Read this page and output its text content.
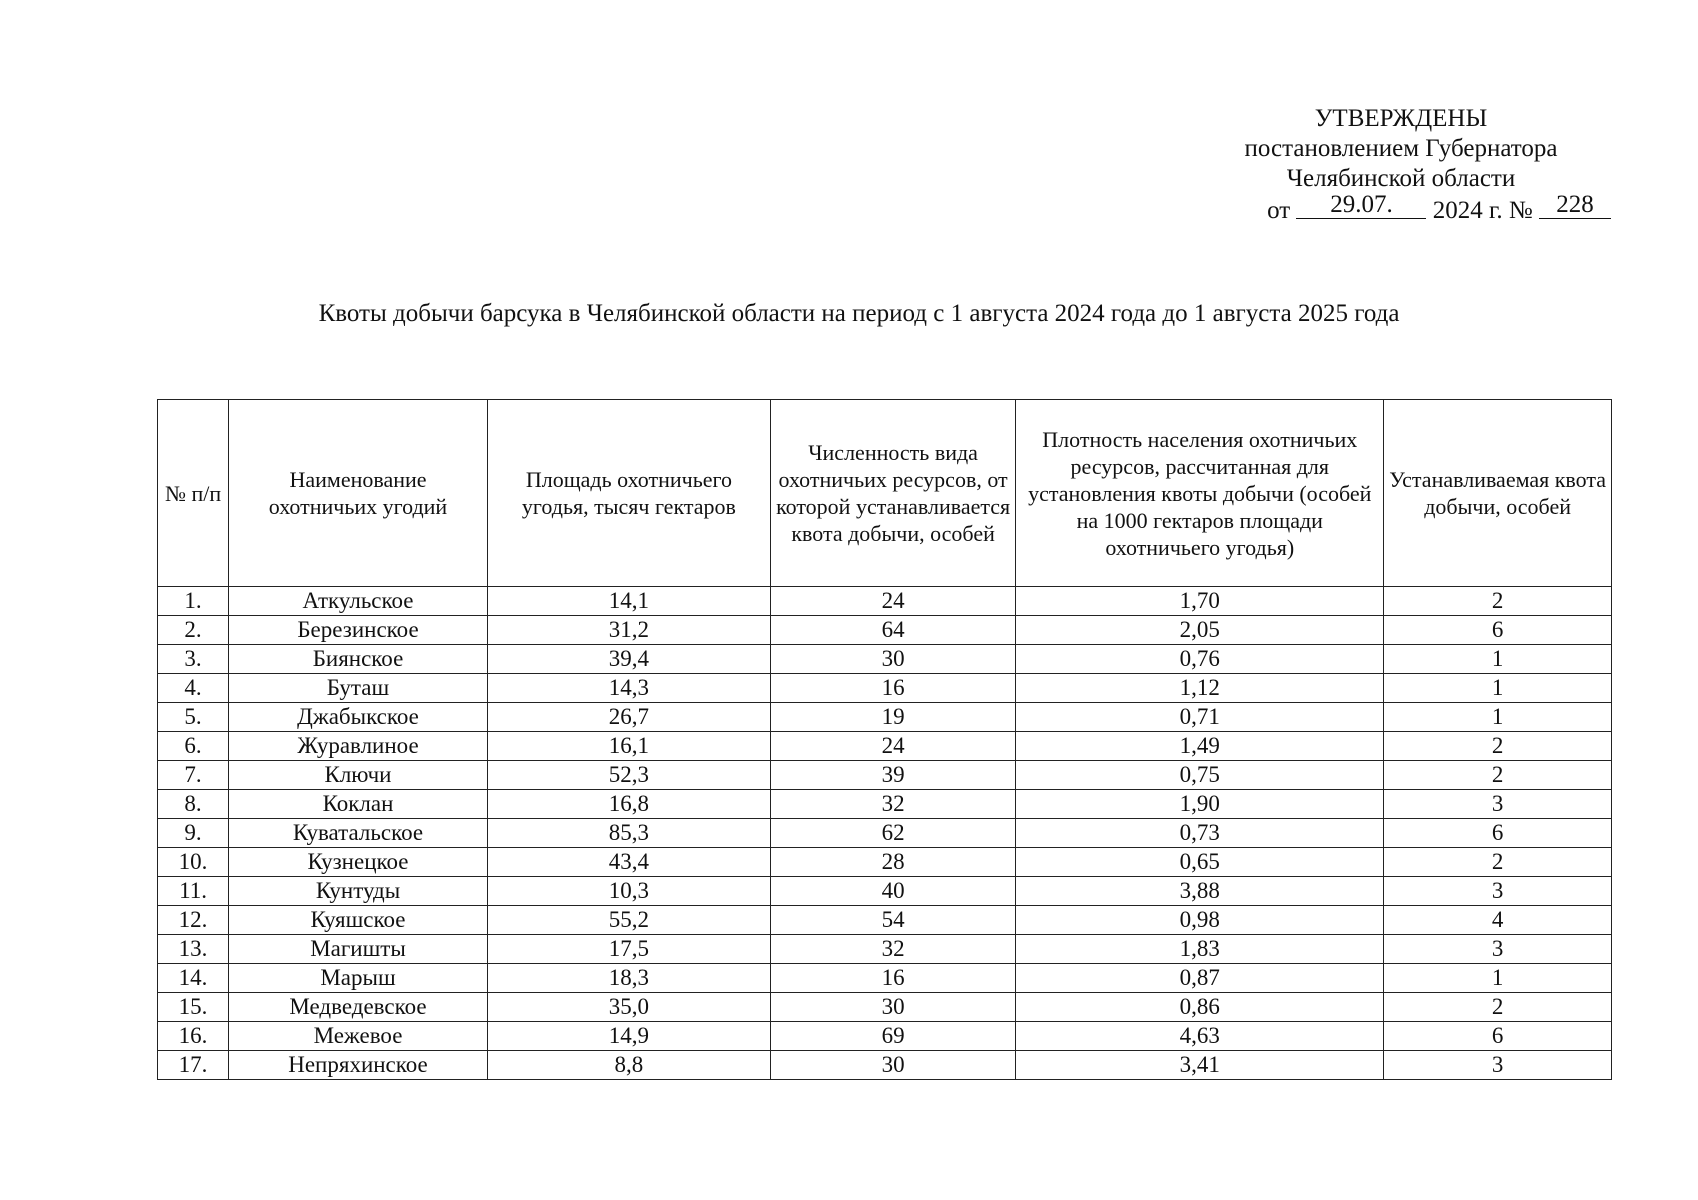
УТВЕРЖДЕНЫ
постановлением Губернатора
Челябинской области
от 29.07. 2024 г. № 228
Квоты добычи барсука в Челябинской области на период с 1 августа 2024 года до 1 августа 2025 года
№ п/п	Наименование охотничьих угодий	Площадь охотничьего угодья, тысяч гектаров	Численность вида охотничьих ресурсов, от которой устанавливается квота добычи, особей	Плотность населения охотничьих ресурсов, рассчитанная для установления квоты добычи (особей на 1000 гектаров площади охотничьего угодья)	Устанавливаемая квота добычи, особей
1.	Аткульское	14,1	24	1,70	2
2.	Березинское	31,2	64	2,05	6
3.	Биянское	39,4	30	0,76	1
4.	Буташ	14,3	16	1,12	1
5.	Джабыкское	26,7	19	0,71	1
6.	Журавлиное	16,1	24	1,49	2
7.	Ключи	52,3	39	0,75	2
8.	Коклан	16,8	32	1,90	3
9.	Куватальское	85,3	62	0,73	6
10.	Кузнецкое	43,4	28	0,65	2
11.	Кунтуды	10,3	40	3,88	3
12.	Куяшское	55,2	54	0,98	4
13.	Магишты	17,5	32	1,83	3
14.	Марыш	18,3	16	0,87	1
15.	Медведевское	35,0	30	0,86	2
16.	Межевое	14,9	69	4,63	6
17.	Непряхинское	8,8	30	3,41	3
